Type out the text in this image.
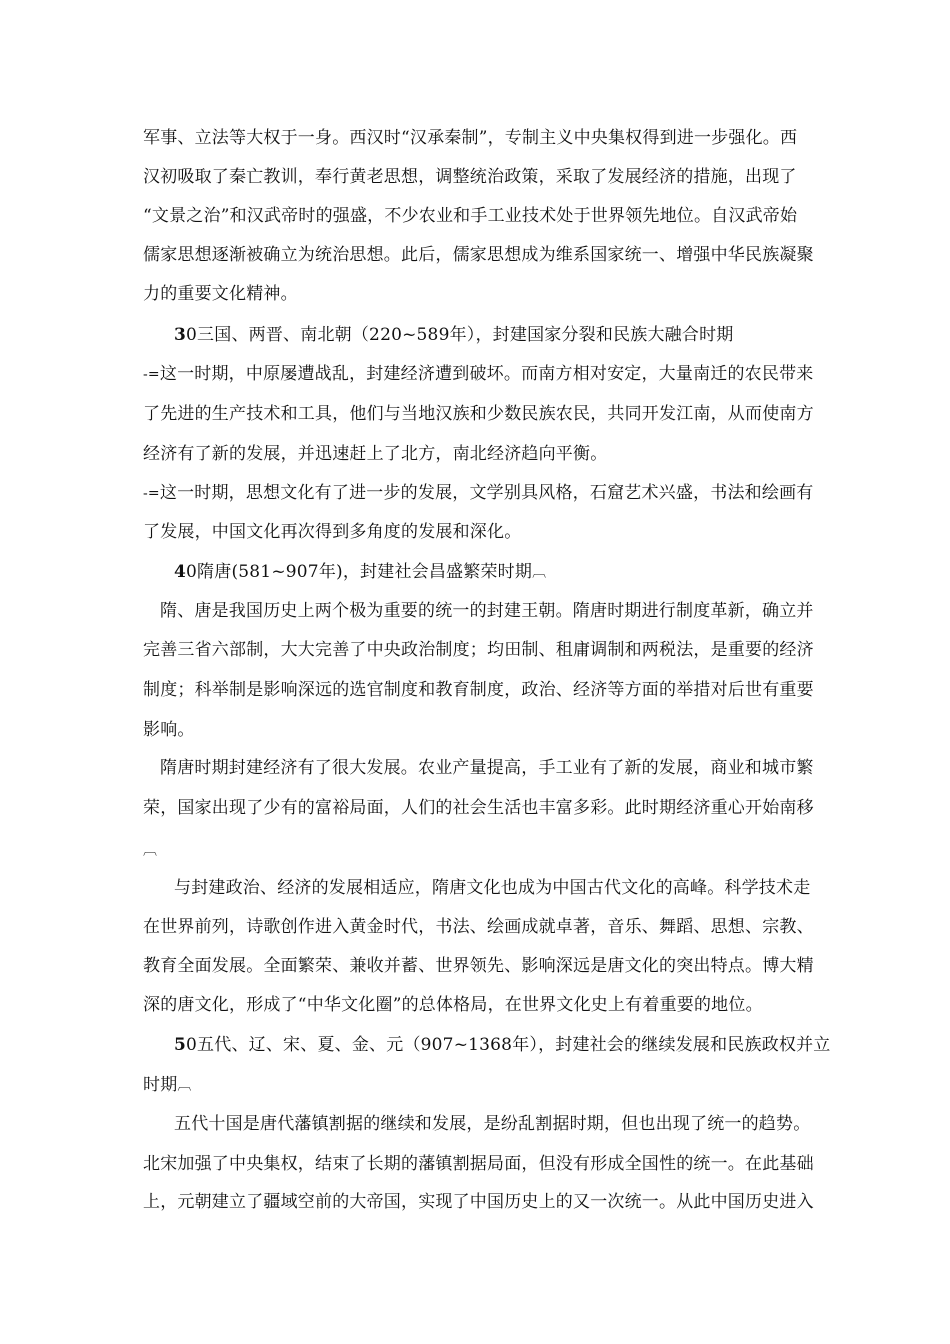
军事、立法等大权于一身。西汉时“汉承秦制”，专制主义中央集权得到进一步强化。西
汉初吸取了秦亡教训，奉行黄老思想，调整统治政策，采取了发展经济的措施，出现了
“文景之治”和汉武帝时的强盛，不少农业和手工业技术处于世界领先地位。自汉武帝始
儒家思想逐渐被确立为统治思想。此后，儒家思想成为维系国家统一、增强中华民族凝聚
力的重要文化精神。
30三国、两晋、南北朝（220~589年），封建国家分裂和民族大融合时期
-=这一时期，中原屡遭战乱，封建经济遭到破坏。而南方相对安定，大量南迁的农民带来
了先进的生产技术和工具，他们与当地汉族和少数民族农民，共同开发江南，从而使南方
经济有了新的发展，并迅速赶上了北方，南北经济趋向平衡。
-=这一时期，思想文化有了进一步的发展，文学别具风格，石窟艺术兴盛，书法和绘画有
了发展，中国文化再次得到多角度的发展和深化。
40隋唐(581~907年)，封建社会昌盛繁荣时期︹
隋、唐是我国历史上两个极为重要的统一的封建王朝。隋唐时期进行制度革新，确立并
完善三省六部制，大大完善了中央政治制度；均田制、租庸调制和两税法，是重要的经济
制度；科举制是影响深远的选官制度和教育制度，政治、经济等方面的举措对后世有重要
影响。
隋唐时期封建经济有了很大发展。农业产量提高，手工业有了新的发展，商业和城市繁
荣，国家出现了少有的富裕局面，人们的社会生活也丰富多彩。此时期经济重心开始南移
︹
与封建政治、经济的发展相适应，隋唐文化也成为中国古代文化的高峰。科学技术走
在世界前列，诗歌创作进入黄金时代，书法、绘画成就卓著，音乐、舞蹈、思想、宗教、
教育全面发展。全面繁荣、兼收并蓄、世界领先、影响深远是唐文化的突出特点。博大精
深的唐文化，形成了“中华文化圈”的总体格局，在世界文化史上有着重要的地位。
50五代、辽、宋、夏、金、元（907~1368年），封建社会的继续发展和民族政权并立
时期︹
五代十国是唐代藩镇割据的继续和发展，是纷乱割据时期，但也出现了统一的趋势。
北宋加强了中央集权，结束了长期的藩镇割据局面，但没有形成全国性的统一。在此基础
上，元朝建立了疆域空前的大帝国，实现了中国历史上的又一次统一。从此中国历史进入
